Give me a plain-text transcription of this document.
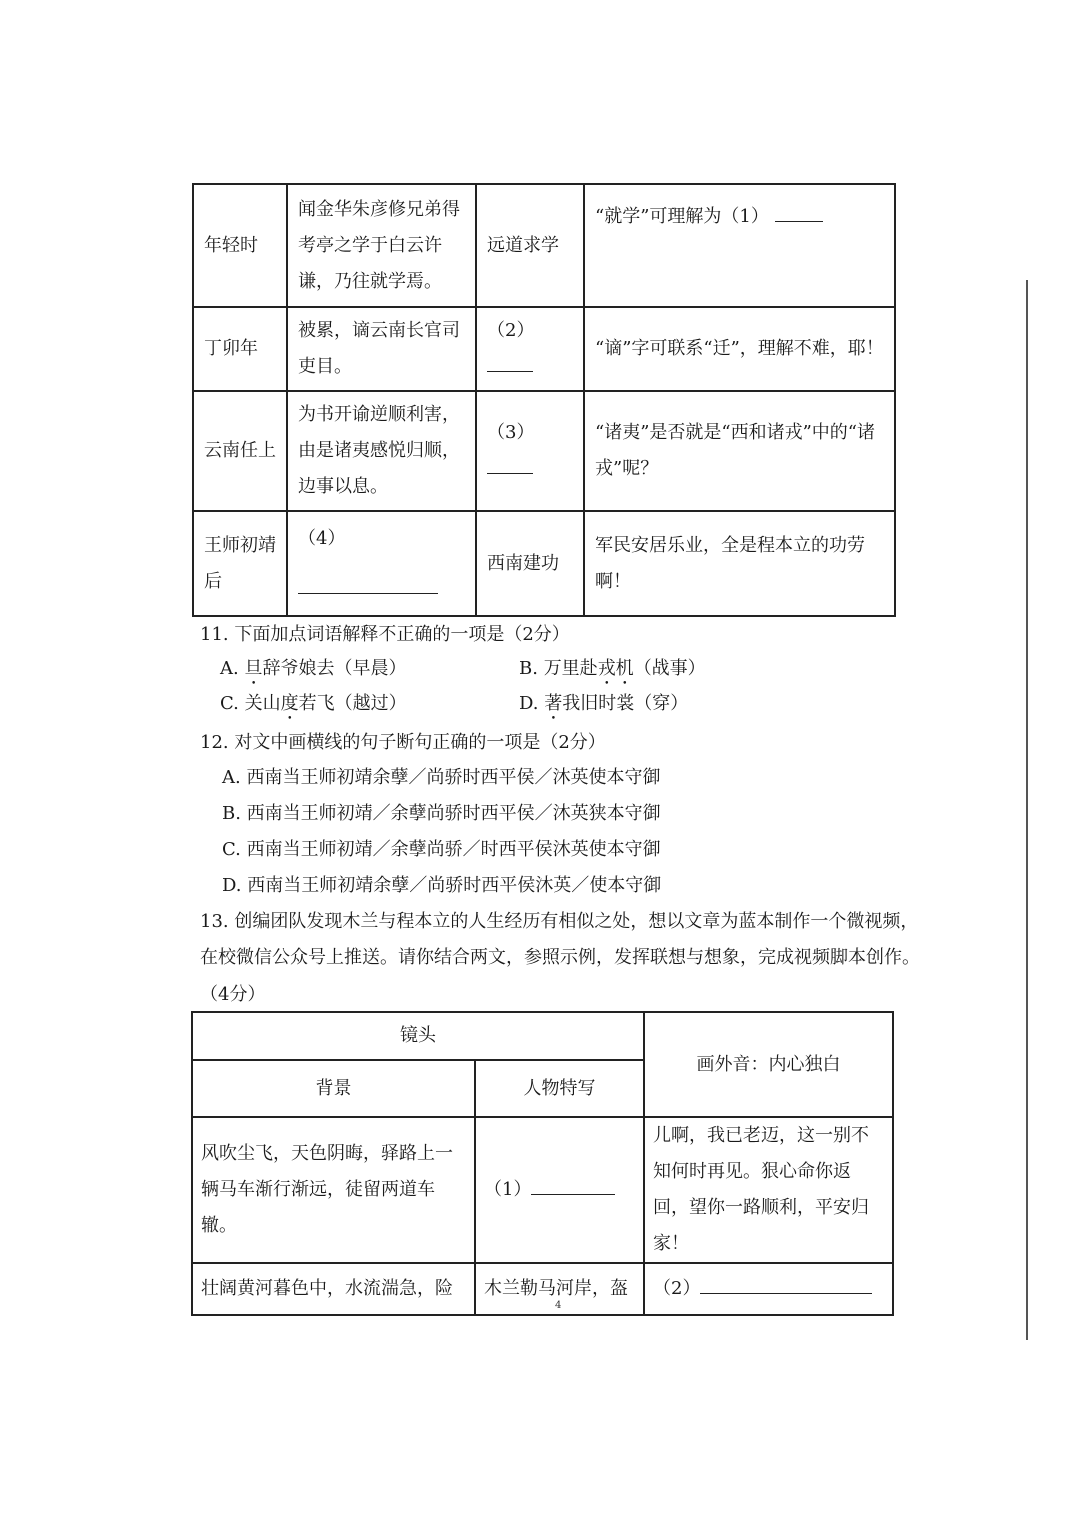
年轻时	闻金华朱彦修兄弟得考亭之学于白云许谦，乃往就学焉。	远道求学	“就学”可理解为（1）
丁卯年	被累，谪云南长官司吏目。	（2）	“谪”字可联系“迁”，理解不难，耶！
云南任上	为书开谕逆顺利害，由是诸夷感悦归顺，边事以息。	（3）	“诸夷”是否就是“西和诸戎”中的“诸戎”呢？
王师初靖后	（4）	西南建功	军民安居乐业，全是程本立的功劳啊！
11. 下面加点词语解释不正确的一项是（2分）
A. 旦辞爷娘去（早晨）	B. 万里赴戎机（战事）
C. 关山度若飞（越过）	D. 著我旧时裳（穿）
12. 对文中画横线的句子断句正确的一项是（2分）
A. 西南当王师初靖余孽／尚骄时西平侯／沐英使本守御
B. 西南当王师初靖／余孽尚骄时西平侯／沐英狭本守御
C. 西南当王师初靖／余孽尚骄／时西平侯沐英使本守御
D. 西南当王师初靖余孽／尚骄时西平侯沐英／使本守御
13. 创编团队发现木兰与程本立的人生经历有相似之处，想以文章为蓝本制作一个微视频，
在校微信公众号上推送。请你结合两文，参照示例，发挥联想与想象，完成视频脚本创作。
（4分）
镜头		画外音：内心独白
背景	人物特写	
风吹尘飞，天色阴晦，驿路上一辆马车渐行渐远，徒留两道车辙。	（1）	儿啊，我已老迈，这一别不知何时再见。狠心命你返回，望你一路顺利，平安归家！
壮阔黄河暮色中，水流湍急，险	木兰勒马河岸，盔	（2）
4
